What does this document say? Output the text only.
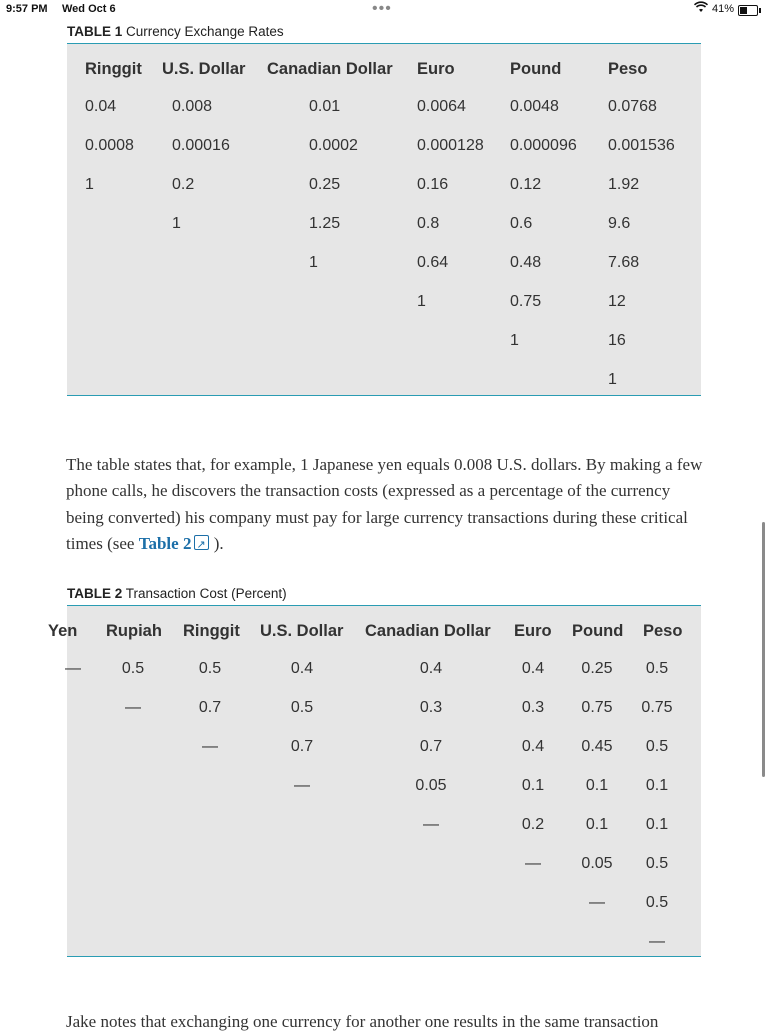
9:57 PM Wed Oct 6	•••	41%
TABLE 1 Currency Exchange Rates
Ringgit U.S. Dollar Canadian Dollar Euro	Pound	Peso
0.04	0.008	0.01	0.0064	0.0048	0.0768
0.0008 0.00016	0.0002	0.000128 0.000096 0.001536
1	0.2	0.25	0.16	0.12	1.92
1	1.25	0.8	0.6	9.6
1	0.64	0.48	7.68
1	0.75	12
1	16
1
The table states that, for example, 1 Japanese yen equals 0.008 U.S. dollars. By making a few phone calls, he discovers the transaction costs (expressed as a percentage of the currency being converted) his company must pay for large currency transactions during these critical times (see Table 2↗ ).
TABLE 2 Transaction Cost (Percent)
Yen Rupiah Ringgit U.S. Dollar Canadian Dollar Euro Pound Peso
—	0.5	0.5	0.4	0.4	0.4 0.25 0.5
—	0.7	0.5	0.3	0.3 0.75 0.75
—	0.7	0.7	0.4 0.45 0.5
—	0.05	0.1	0.1 0.1
—	0.2	0.1 0.1
—	0.05 0.5
—	0.5
—
Jake notes that exchanging one currency for another one results in the same transaction
